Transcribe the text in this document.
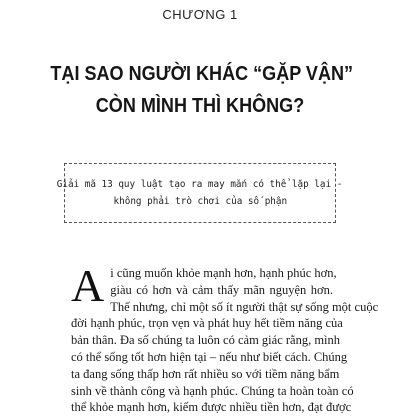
CHƯƠNG 1
TẠI SAO NGƯỜI KHÁC “GẶP VẬN”
CÒN MÌNH THÌ KHÔNG?
Giải mã 13 quy luật tạo ra may mắn có thể lặp lại -
không phải trò chơi của số phận
A i cũng muốn khỏe mạnh hơn, hạnh phúc hơn,
giàu có hơn và cảm thấy mãn nguyện hơn.
Thế nhưng, chỉ một số ít người thật sự sống một cuộc
đời hạnh phúc, trọn vẹn và phát huy hết tiềm năng của
bản thân. Đa số chúng ta luôn có cảm giác rằng, mình
có thể sống tốt hơn hiện tại – nếu như biết cách. Chúng
ta đang sống thấp hơn rất nhiều so với tiềm năng bẩm
sinh về thành công và hạnh phúc. Chúng ta hoàn toàn có
thể khỏe mạnh hơn, kiếm được nhiều tiền hơn, đạt được
